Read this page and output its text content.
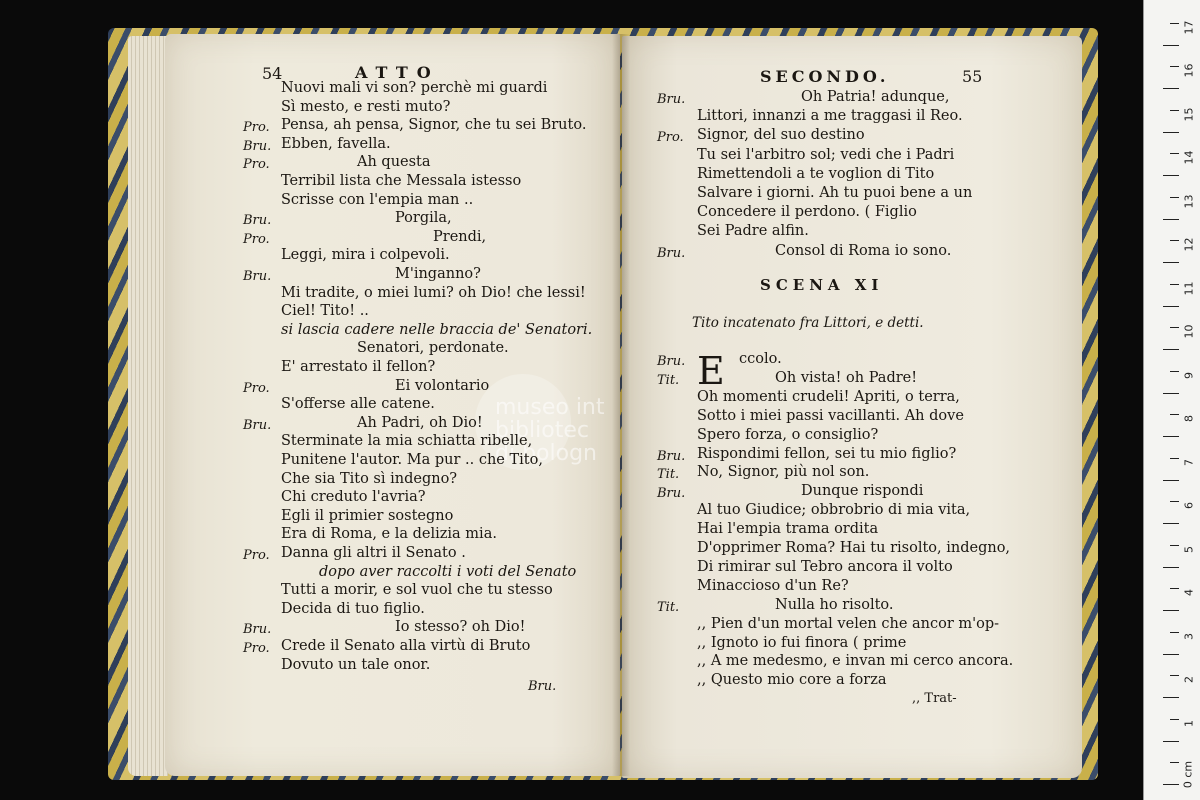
54	ATTO
Bru.
SECONDO.	55
SCENA XI
Tito incatenato fra Littori, e detti.
E
,, Trat-
museo int
bibliotec
di bologn
0 cm
1
2
3
4
5
6
7
8
9
10
11
12
13
14
15
16
17
Nuovi mali vi son? perchè mi guardi
Sì mesto, e resti muto?
Pro. Pensa, ah pensa, Signor, che tu sei Bruto.
Bru. Ebben, favella.
Pro.	Ah questa
Terribil lista che Messala istesso
Scrisse con l'empia man ..
Bru.	Porgila,
Pro.	Prendi,
Leggi, mira i colpevoli.
Bru.	M'inganno?
Mi tradite, o miei lumi? oh Dio! che lessi!
Ciel! Tito! ..
si lascia cadere nelle braccia de' Senatori.
Senatori, perdonate.
E' arrestato il fellon?
Pro.	Ei volontario
S'offerse alle catene.
Bru.	Ah Padri, oh Dio!
Sterminate la mia schiatta ribelle,
Punitene l'autor. Ma pur .. che Tito,
Che sia Tito sì indegno?
Chi creduto l'avria?
Egli il primier sostegno
Era di Roma, e la delizia mia.
Pro. Danna gli altri il Senato .
dopo aver raccolti i voti del Senato
Tutti a morir, e sol vuol che tu stesso
Decida di tuo figlio.
Bru.	Io stesso? oh Dio!
Pro. Crede il Senato alla virtù di Bruto
Dovuto un tale onor.
Bru.	Oh Patria! adunque,
Littori, innanzi a me traggasi il Reo.
Pro. Signor, del suo destino
Tu sei l'arbitro sol; vedi che i Padri
Rimettendoli a te voglion di Tito
Salvare i giorni. Ah tu puoi bene a un
Concedere il perdono. ( Figlio
Sei Padre alfin.
Bru.	Consol di Roma io sono.
Bru.	ccolo.
Tit.	Oh vista! oh Padre!
Oh momenti crudeli! Apriti, o terra,
Sotto i miei passi vacillanti. Ah dove
Spero forza, o consiglio?
Bru. Rispondimi fellon, sei tu mio figlio?
Tit. No, Signor, più nol son.
Bru.	Dunque rispondi
Al tuo Giudice; obbrobrio di mia vita,
Hai l'empia trama ordita
D'opprimer Roma? Hai tu risolto, indegno,
Di rimirar sul Tebro ancora il volto
Minaccioso d'un Re?
Tit.	Nulla ho risolto.
,, Pien d'un mortal velen che ancor m'op-
,, Ignoto io fui finora ( prime
,, A me medesmo, e invan mi cerco ancora.
,, Questo mio core a forza
